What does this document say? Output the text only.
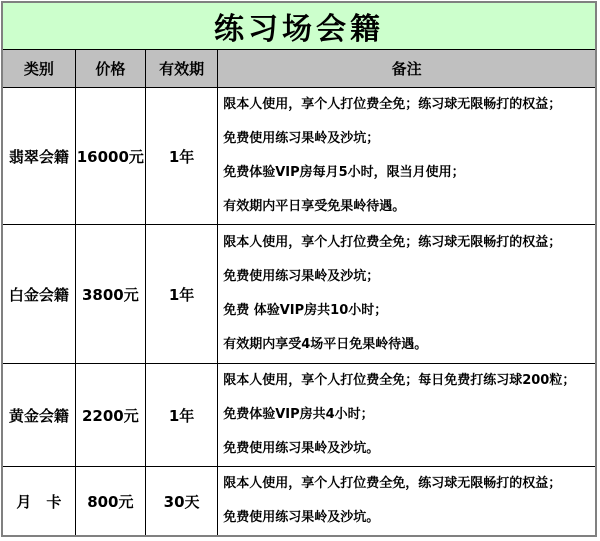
练习场会籍			
类别	价格	有效期	备注
翡翠会籍	16000元	1年	限本人使用，享个人打位费全免；练习球无限畅打的权益；

免费使用练习果岭及沙坑；

免费体验VIP房每月5小时，限当月使用；

有效期内平日享受免果岭待遇。

白金会籍	3800元	1年	限本人使用，享个人打位费全免；练习球无限畅打的权益；

免费使用练习果岭及沙坑；

免费 体验VIP房共10小时；

有效期内享受4场平日免果岭待遇。

黄金会籍	2200元	1年	限本人使用，享个人打位费全免；每日免费打练习球200粒；

免费体验VIP房共4小时；

免费使用练习果岭及沙坑。

月　卡	800元	30天	限本人使用，享个人打位费全免，练习球无限畅打的权益；

免费使用练习果岭及沙坑。
